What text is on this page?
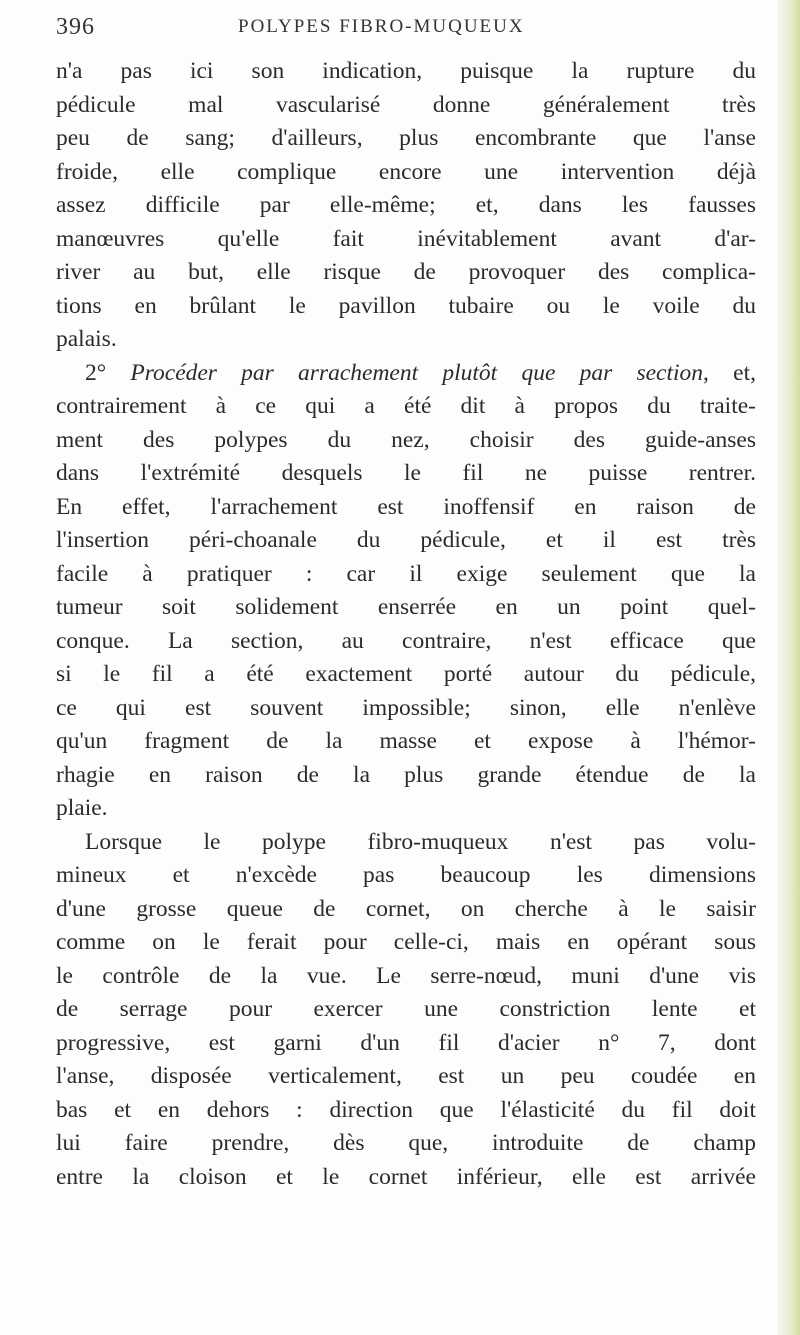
396	POLYPES FIBRO-MUQUEUX
n'a pas ici son indication, puisque la rupture du
pédicule mal vascularisé donne généralement très
peu de sang; d'ailleurs, plus encombrante que l'anse
froide, elle complique encore une intervention déjà
assez difficile par elle-même; et, dans les fausses
manœuvres qu'elle fait inévitablement avant d'ar-
river au but, elle risque de provoquer des complica-
tions en brûlant le pavillon tubaire ou le voile du
palais.
2° Procéder par arrachement plutôt que par section, et,
contrairement à ce qui a été dit à propos du traite-
ment des polypes du nez, choisir des guide-anses
dans l'extrémité desquels le fil ne puisse rentrer.
En effet, l'arrachement est inoffensif en raison de
l'insertion péri-choanale du pédicule, et il est très
facile à pratiquer : car il exige seulement que la
tumeur soit solidement enserrée en un point quel-
conque. La section, au contraire, n'est efficace que
si le fil a été exactement porté autour du pédicule,
ce qui est souvent impossible; sinon, elle n'enlève
qu'un fragment de la masse et expose à l'hémor-
rhagie en raison de la plus grande étendue de la
plaie.
Lorsque le polype fibro-muqueux n'est pas volu-
mineux et n'excède pas beaucoup les dimensions
d'une grosse queue de cornet, on cherche à le saisir
comme on le ferait pour celle-ci, mais en opérant sous
le contrôle de la vue. Le serre-nœud, muni d'une vis
de serrage pour exercer une constriction lente et
progressive, est garni d'un fil d'acier n° 7, dont
l'anse, disposée verticalement, est un peu coudée en
bas et en dehors : direction que l'élasticité du fil doit
lui faire prendre, dès que, introduite de champ
entre la cloison et le cornet inférieur, elle est arrivée
